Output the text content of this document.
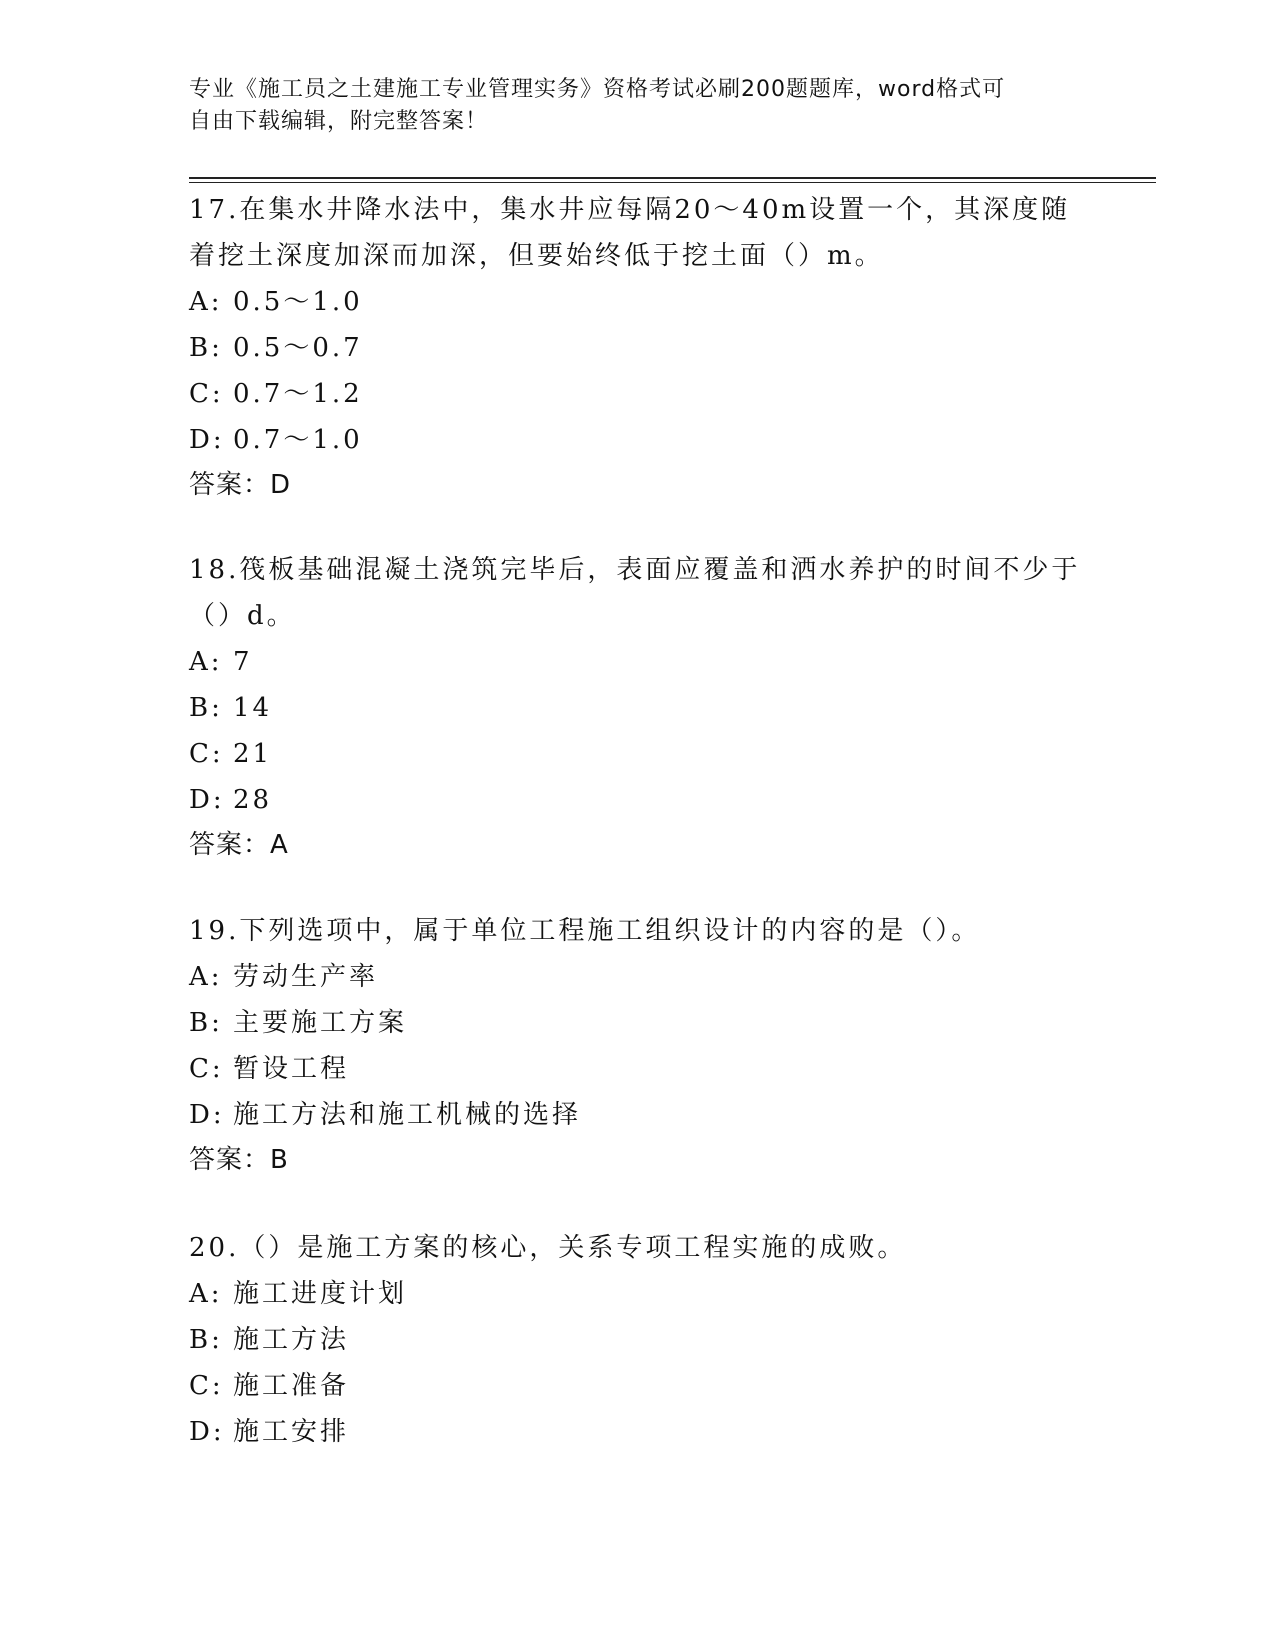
专业《施工员之土建施工专业管理实务》资格考试必刷200题题库，word格式可
自由下载编辑，附完整答案！

17.在集水井降水法中，集水井应每隔20～40m设置一个，其深度随着挖土深度加深而加深，但要始终低于挖土面（）m。

A: 0.5～1.0

B: 0.5～0.7

C: 0.7～1.2

D: 0.7～1.0

答案：D

18.筏板基础混凝土浇筑完毕后，表面应覆盖和洒水养护的时间不少于（）d。

A: 7

B: 14

C: 21

D: 28

答案：A

19.下列选项中，属于单位工程施工组织设计的内容的是（）。

A: 劳动生产率

B: 主要施工方案

C: 暂设工程

D: 施工方法和施工机械的选择

答案：B

20.（）是施工方案的核心，关系专项工程实施的成败。

A: 施工进度计划

B: 施工方法

C: 施工准备

D: 施工安排
